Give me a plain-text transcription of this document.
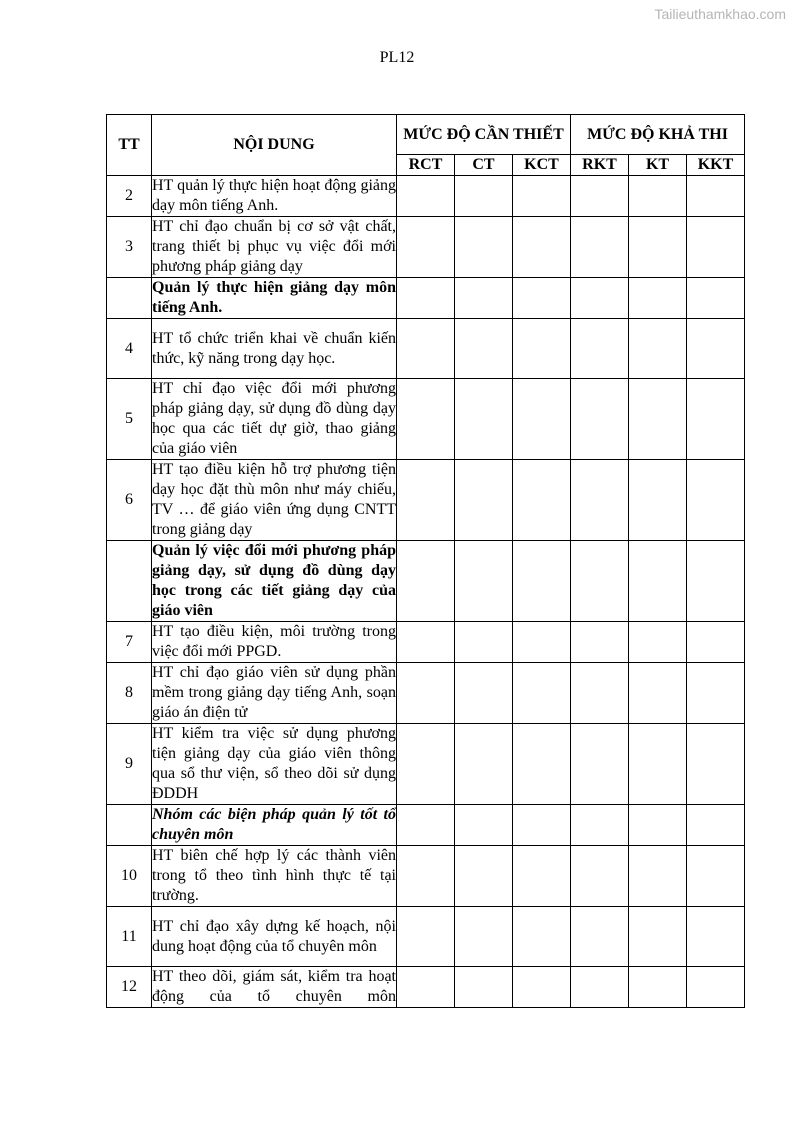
Tailieuthamkhao.com
PL12
TT	NỘI DUNG	MỨC ĐỘ CẦN THIẾT			MỨC ĐỘ KHẢ THI		
		RCT	CT	KCT	RKT	KT	KKT
2	HT quản lý thực hiện hoạt động giảng dạy môn tiếng Anh.						
3	HT chỉ đạo chuẩn bị cơ sở vật chất, trang thiết bị phục vụ việc đổi mới phương pháp giảng dạy						
	Quản lý thực hiện giảng dạy môn tiếng Anh.						
4	HT tổ chức triển khai về chuẩn kiến thức, kỹ năng trong dạy học.						
5	HT chỉ đạo việc đổi mới phương pháp giảng dạy, sử dụng đồ dùng dạy học qua các tiết dự giờ, thao giảng của giáo viên						
6	HT tạo điều kiện hỗ trợ phương tiện dạy học đặt thù môn như máy chiếu, TV … để giáo viên ứng dụng CNTT trong giảng dạy						
	Quản lý việc đổi mới phương pháp giảng dạy, sử dụng đồ dùng dạy học trong các tiết giảng dạy của giáo viên						
7	HT tạo điều kiện, môi trường trong việc đổi mới PPGD.						
8	HT chỉ đạo giáo viên sử dụng phần mềm trong giảng dạy tiếng Anh, soạn giáo án điện tử						
9	HT kiểm tra việc sử dụng phương tiện giảng dạy của giáo viên thông qua sổ thư viện, sổ theo dõi sử dụng ĐDDH						
	Nhóm các biện pháp quản lý tốt tổ chuyên môn						
10	HT biên chế hợp lý các thành viên trong tổ theo tình hình thực tế tại trường.						
11	HT chỉ đạo xây dựng kế hoạch, nội dung hoạt động của tổ chuyên môn						
12	HT theo dõi, giám sát, kiểm tra hoạt động của tổ chuyên môn						
